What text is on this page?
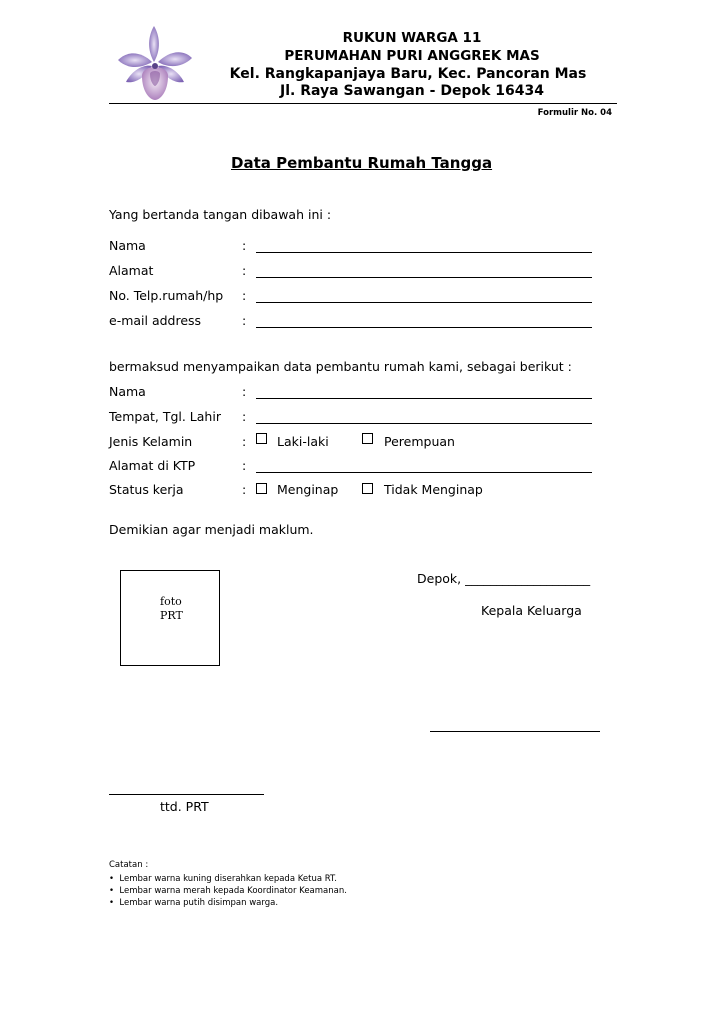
RUKUN WARGA 11
PERUMAHAN PURI ANGGREK MAS
Kel. Rangkapanjaya Baru, Kec. Pancoran Mas
Jl. Raya Sawangan - Depok 16434
Formulir No. 04
Data Pembantu Rumah Tangga
Yang bertanda tangan dibawah ini :
Nama	:
Alamat	:
No. Telp.rumah/hp :
e-mail address	:
bermaksud menyampaikan data pembantu rumah kami, sebagai berikut :
Nama	:
Tempat, Tgl. Lahir :
Jenis Kelamin	: Laki-laki	Perempuan
Alamat di KTP	:
Status kerja	: Menginap	Tidak Menginap
Demikian agar menjadi maklum.
foto
PRT
Depok, ____________________
Kepala Keluarga
ttd. PRT
Catatan :
•  Lembar warna kuning diserahkan kepada Ketua RT.
•  Lembar warna merah kepada Koordinator Keamanan.
•  Lembar warna putih disimpan warga.
